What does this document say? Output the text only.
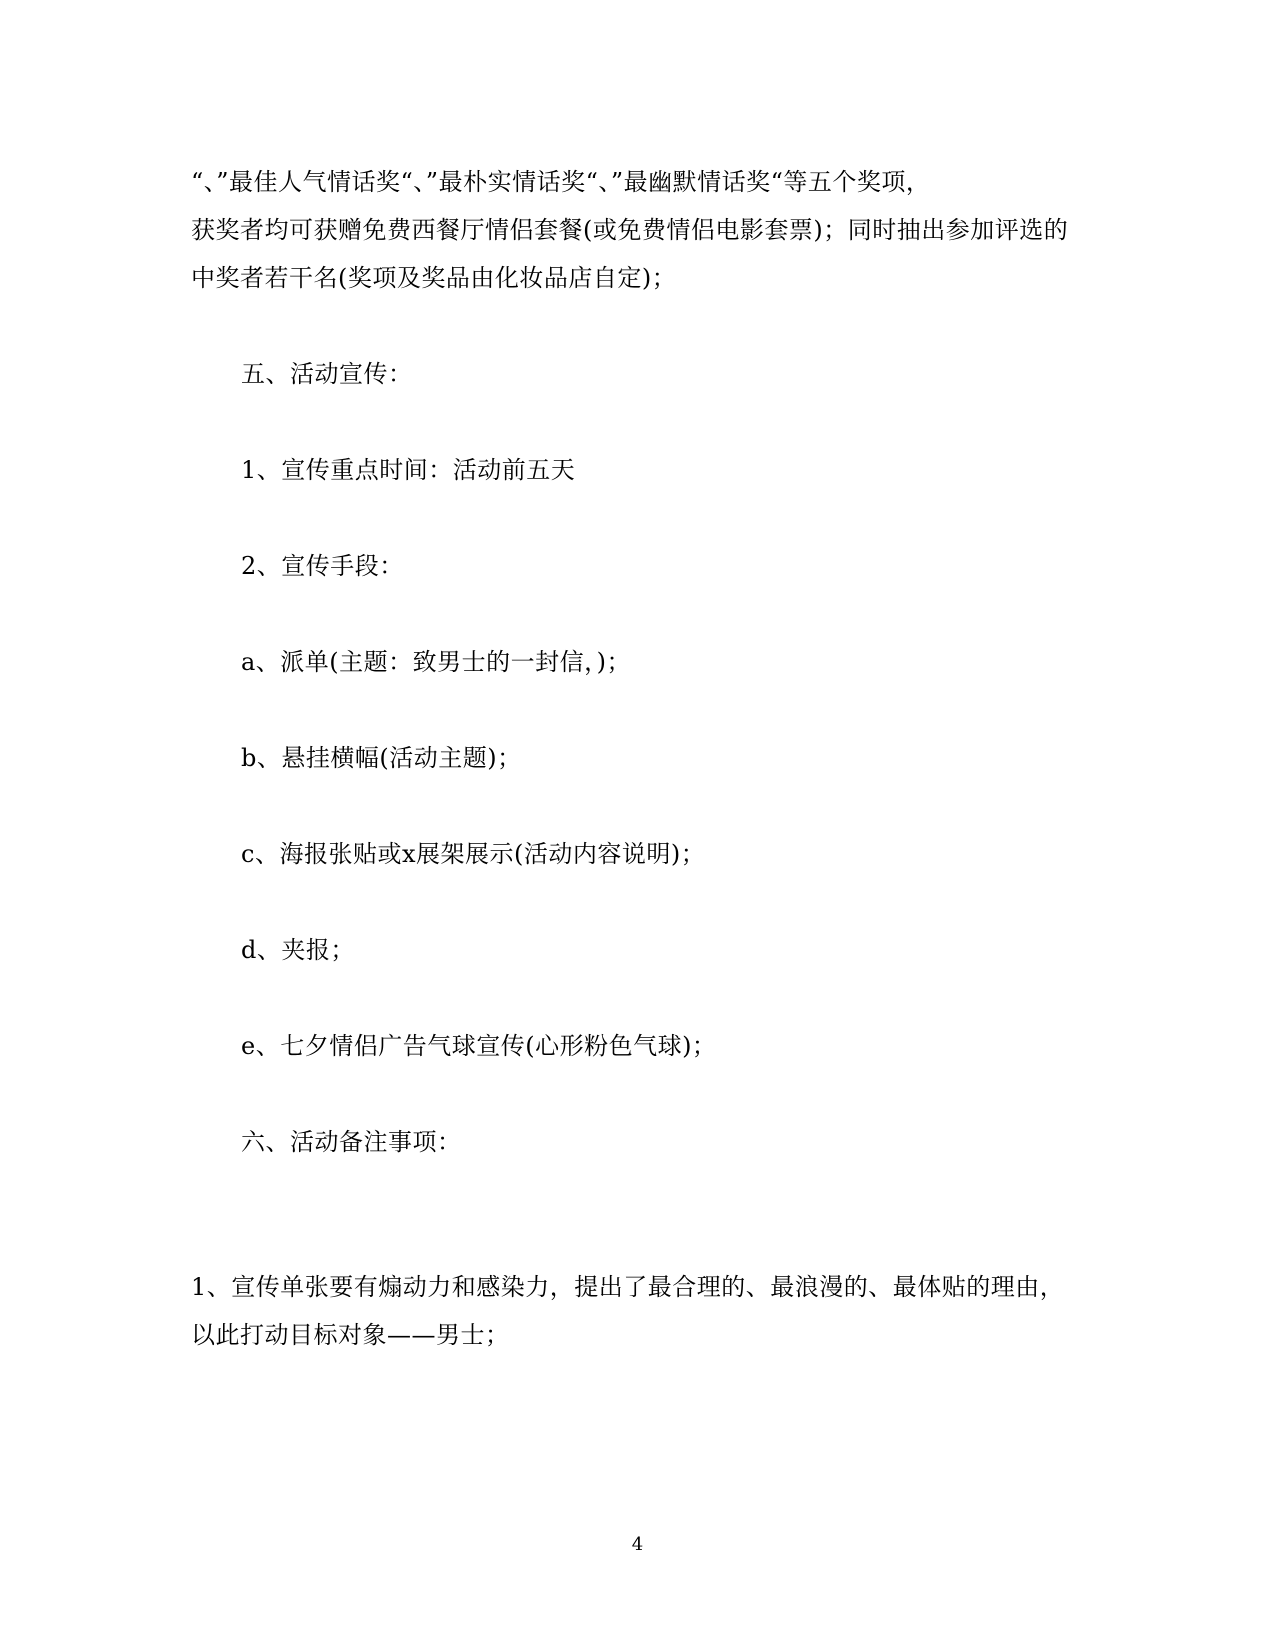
“、”最佳人气情话奖“、”最朴实情话奖“、”最幽默情话奖“等五个奖项，
获奖者均可获赠免费西餐厅情侣套餐(或免费情侣电影套票)；同时抽出参加评选的
中奖者若干名(奖项及奖品由化妆品店自定)；
五、活动宣传：
1、宣传重点时间：活动前五天
2、宣传手段：
a、派单(主题：致男士的一封信，)；
b、悬挂横幅(活动主题)；
c、海报张贴或x展架展示(活动内容说明)；
d、夹报；
e、七夕情侣广告气球宣传(心形粉色气球)；
六、活动备注事项：
1、宣传单张要有煽动力和感染力，提出了最合理的、最浪漫的、最体贴的理由，
以此打动目标对象——男士；
4
